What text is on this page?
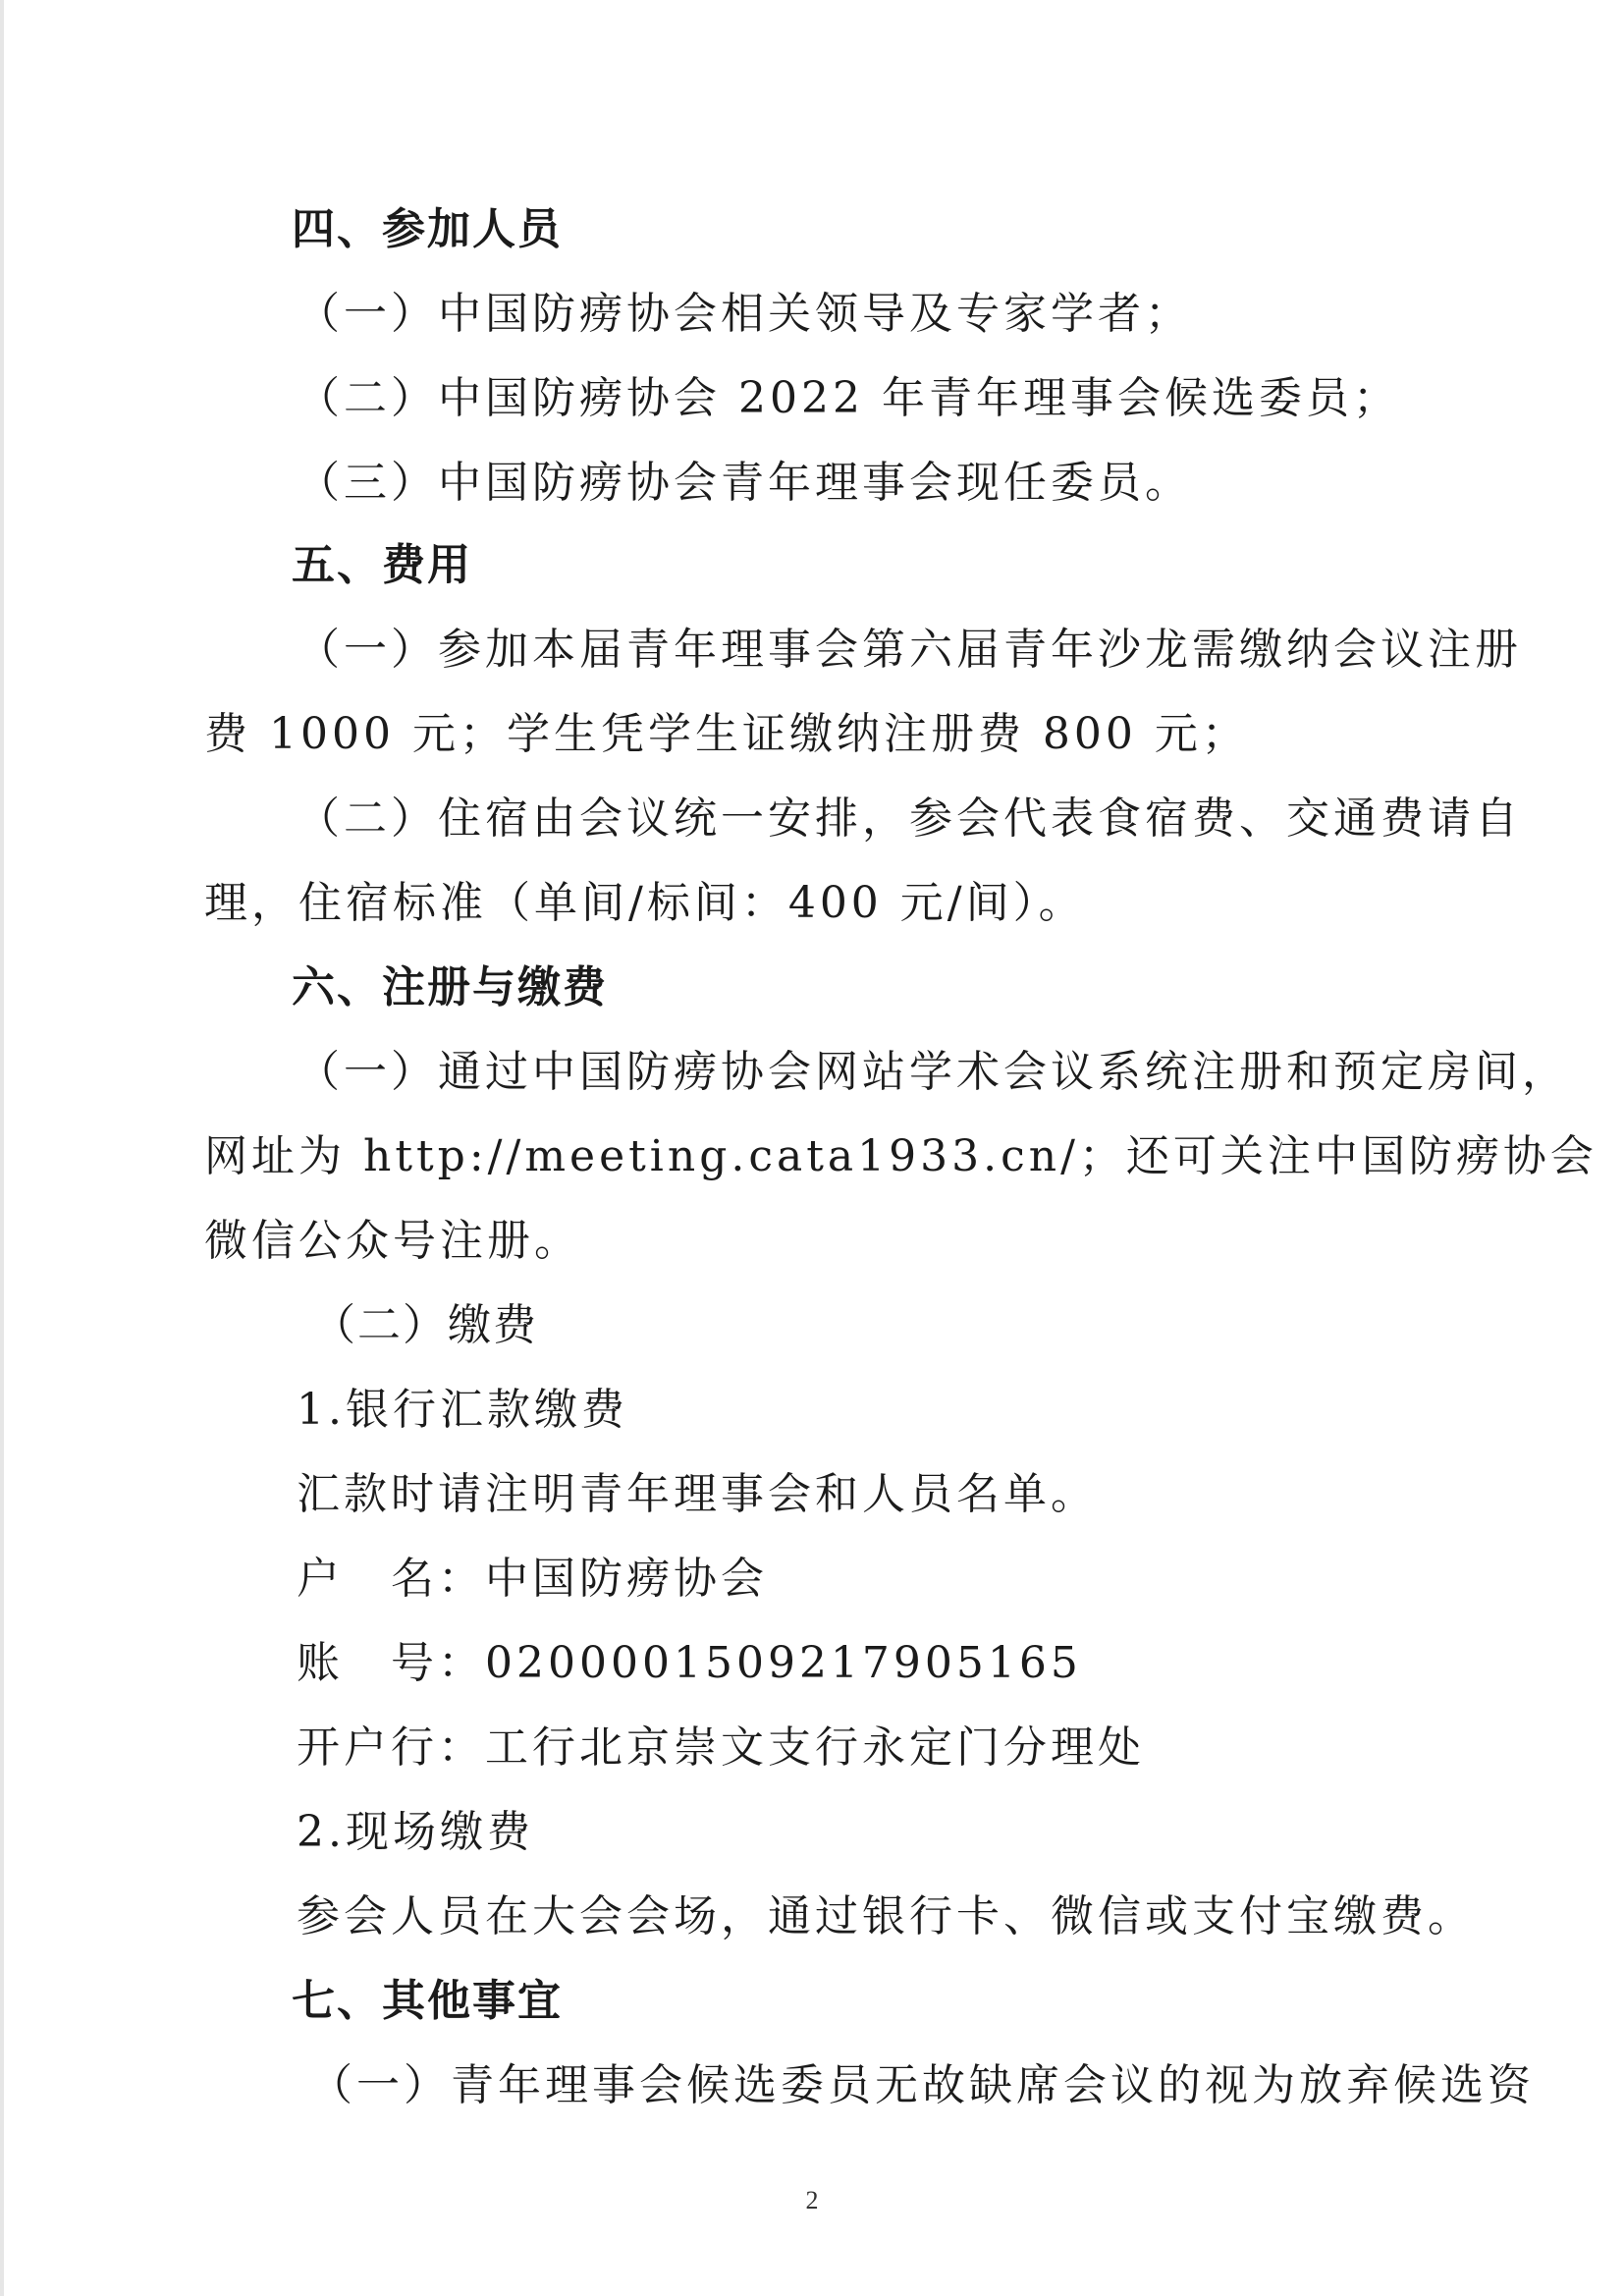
四、参加人员
（一）中国防痨协会相关领导及专家学者；
（二）中国防痨协会 2022 年青年理事会候选委员；
（三）中国防痨协会青年理事会现任委员。
五、费用
（一）参加本届青年理事会第六届青年沙龙需缴纳会议注册
费 1000 元；学生凭学生证缴纳注册费 800 元；
（二）住宿由会议统一安排，参会代表食宿费、交通费请自
理，住宿标准（单间/标间：400 元/间）。
六、注册与缴费
（一）通过中国防痨协会网站学术会议系统注册和预定房间，
网址为 http://meeting.cata1933.cn/；还可关注中国防痨协会
微信公众号注册。
（二）缴费
1.银行汇款缴费
汇款时请注明青年理事会和人员名单。
户　名：中国防痨协会
账　号：0200001509217905165
开户行：工行北京崇文支行永定门分理处
2.现场缴费
参会人员在大会会场，通过银行卡、微信或支付宝缴费。
七、其他事宜
（一）青年理事会候选委员无故缺席会议的视为放弃候选资
2
